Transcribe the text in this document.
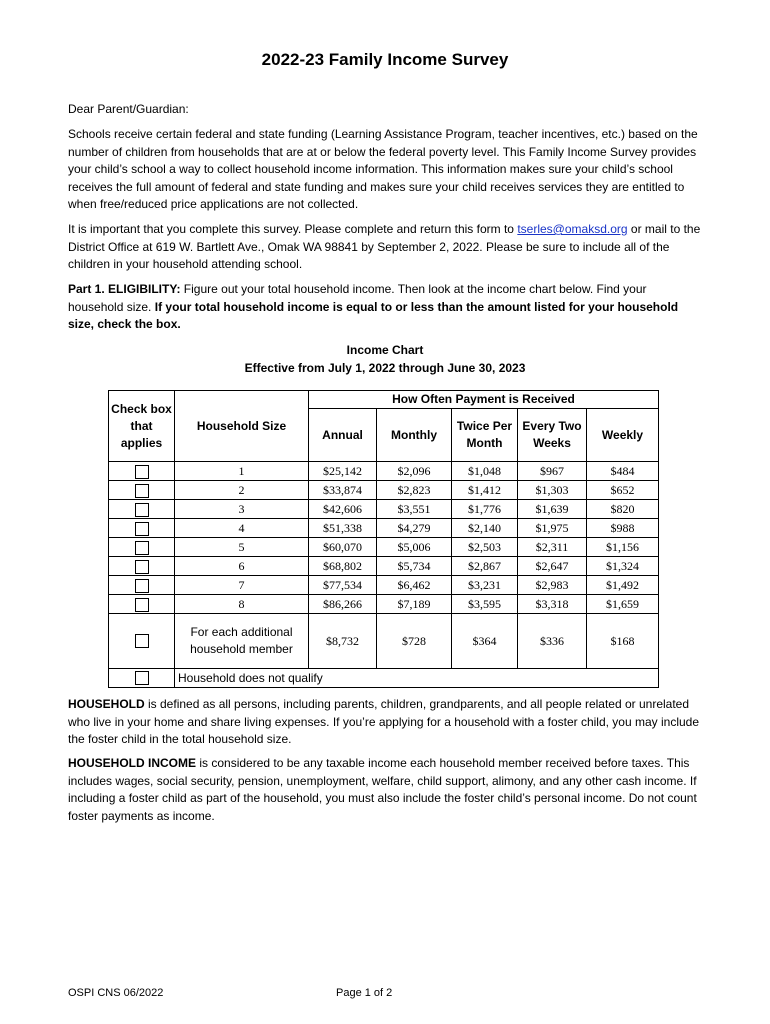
2022-23 Family Income Survey
Dear Parent/Guardian:
Schools receive certain federal and state funding (Learning Assistance Program, teacher incentives, etc.) based on the number of children from households that are at or below the federal poverty level. This Family Income Survey provides your child’s school a way to collect household income information. This information makes sure your child’s school receives the full amount of federal and state funding and makes sure your child receives services they are entitled to when free/reduced price applications are not collected.
It is important that you complete this survey. Please complete and return this form to tserles@omaksd.org or mail to the District Office at 619 W. Bartlett Ave., Omak WA 98841 by September 2, 2022. Please be sure to include all of the children in your household attending school.
Part 1. ELIGIBILITY: Figure out your total household income. Then look at the income chart below. Find your household size. If your total household income is equal to or less than the amount listed for your household size, check the box.
Income Chart
Effective from July 1, 2022 through June 30, 2023
Check box that applies	Household Size	How Often Payment is Received				
		Annual	Monthly	Twice Per Month	Every Two Weeks	Weekly
	1	$25,142	$2,096	$1,048	$967	$484
	2	$33,874	$2,823	$1,412	$1,303	$652
	3	$42,606	$3,551	$1,776	$1,639	$820
	4	$51,338	$4,279	$2,140	$1,975	$988
	5	$60,070	$5,006	$2,503	$2,311	$1,156
	6	$68,802	$5,734	$2,867	$2,647	$1,324
	7	$77,534	$6,462	$3,231	$2,983	$1,492
	8	$86,266	$7,189	$3,595	$3,318	$1,659
	For each additional household member	$8,732	$728	$364	$336	$168
	Household does not qualify					
HOUSEHOLD is defined as all persons, including parents, children, grandparents, and all people related or unrelated who live in your home and share living expenses. If you’re applying for a household with a foster child, you may include the foster child in the total household size.
HOUSEHOLD INCOME is considered to be any taxable income each household member received before taxes. This includes wages, social security, pension, unemployment, welfare, child support, alimony, and any other cash income. If including a foster child as part of the household, you must also include the foster child’s personal income. Do not count foster payments as income.
OSPI CNS 06/2022	Page 1 of 2
